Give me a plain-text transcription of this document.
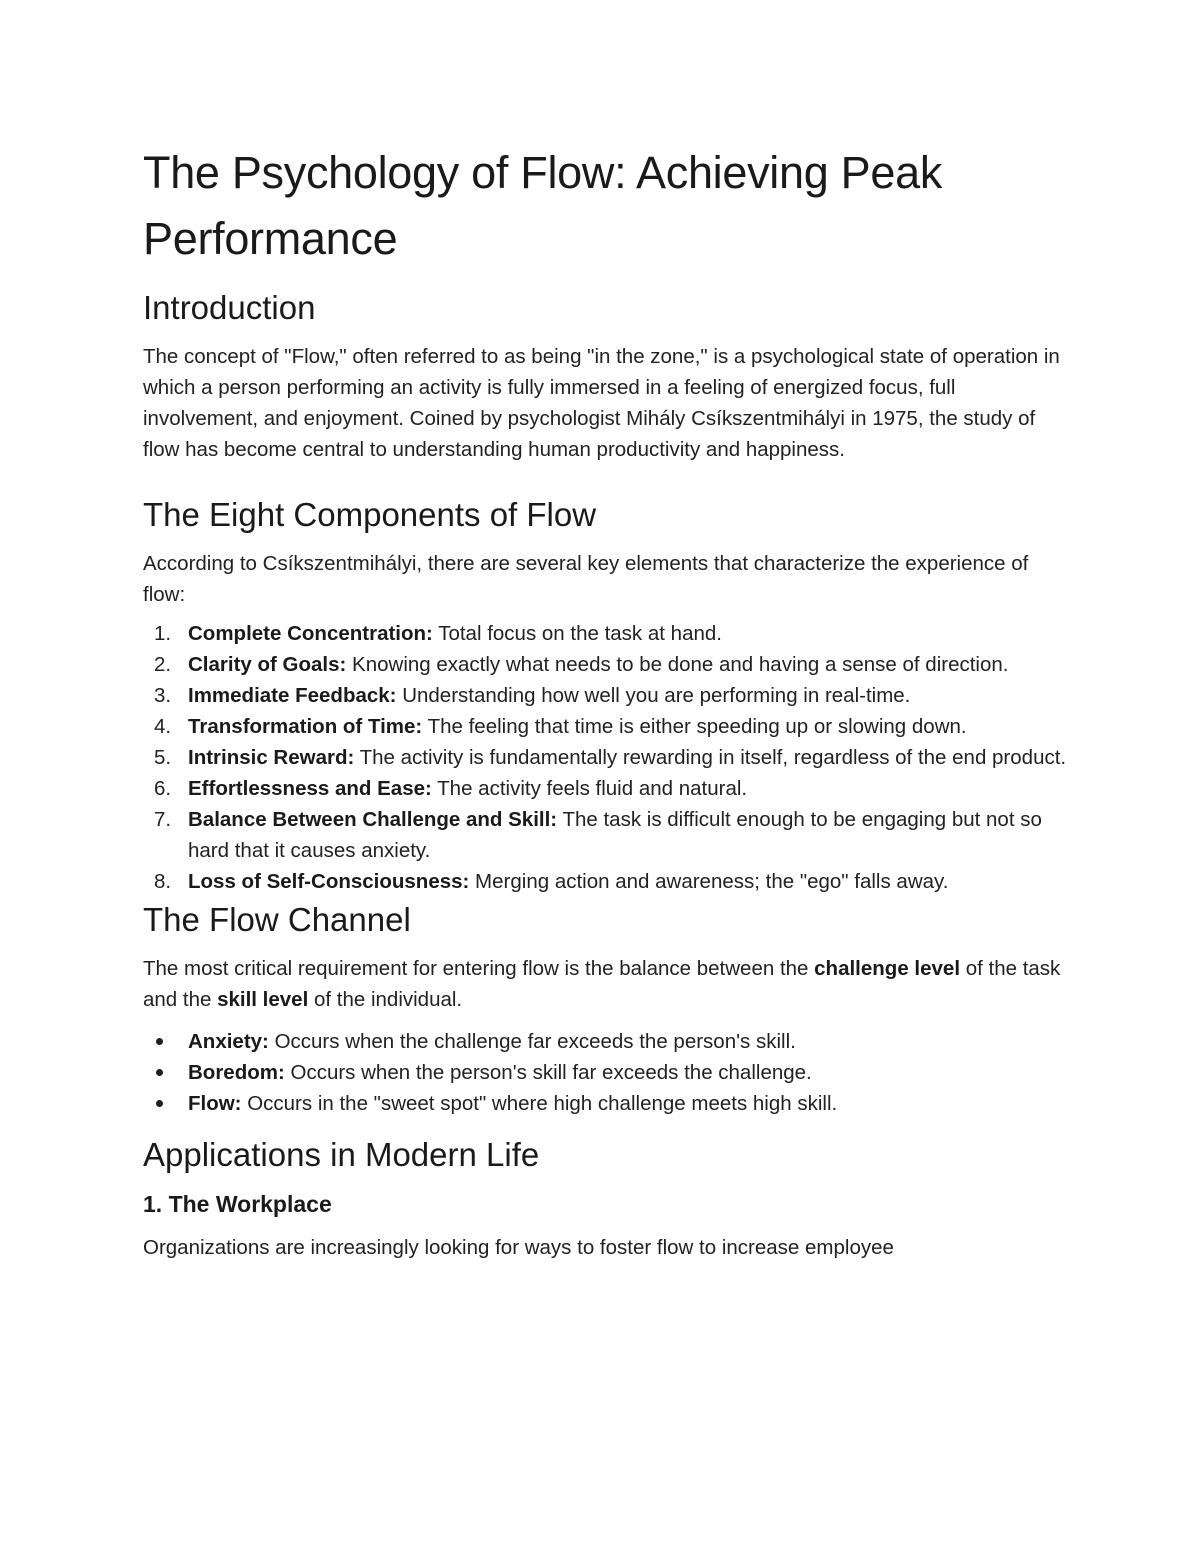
The Psychology of Flow: Achieving Peak Performance
Introduction

The concept of "Flow," often referred to as being "in the zone," is a psychological state of operation in which a person performing an activity is fully immersed in a feeling of energized focus, full involvement, and enjoyment. Coined by psychologist Mihály Csíkszentmihályi in 1975, the study of flow has become central to understanding human productivity and happiness.

The Eight Components of Flow

According to Csíkszentmihályi, there are several key elements that characterize the experience of flow:

1. Complete Concentration: Total focus on the task at hand.
2. Clarity of Goals: Knowing exactly what needs to be done and having a sense of direction.
3. Immediate Feedback: Understanding how well you are performing in real-time.
4. Transformation of Time: The feeling that time is either speeding up or slowing down.
5. Intrinsic Reward: The activity is fundamentally rewarding in itself, regardless of the end product.
6. Effortlessness and Ease: The activity feels fluid and natural.
7. Balance Between Challenge and Skill: The task is difficult enough to be engaging but not so hard that it causes anxiety.
8. Loss of Self-Consciousness: Merging action and awareness; the "ego" falls away.
The Flow Channel

The most critical requirement for entering flow is the balance between the challenge level of the task and the skill level of the individual.

Anxiety: Occurs when the challenge far exceeds the person's skill.
Boredom: Occurs when the person's skill far exceeds the challenge.
Flow: Occurs in the "sweet spot" where high challenge meets high skill.
Applications in Modern Life
1. The Workplace

Organizations are increasingly looking for ways to foster flow to increase employee
